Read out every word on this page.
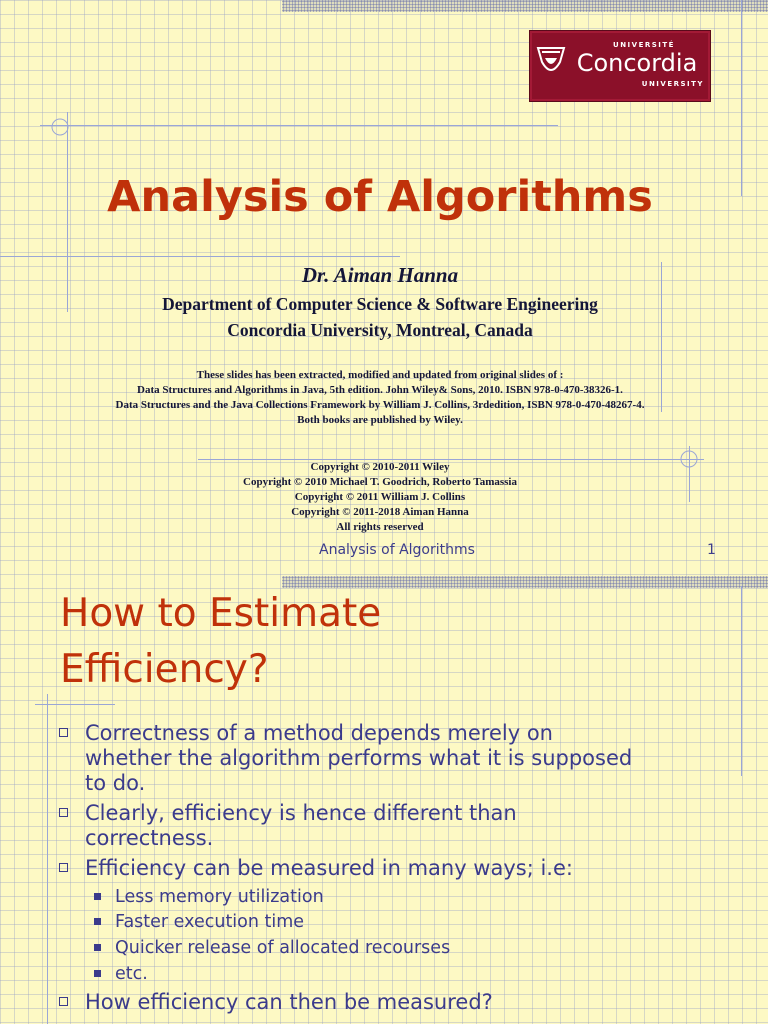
UNIVERSITÉ
Concordia
UNIVERSITY
Analysis of Algorithms
Dr. Aiman Hanna
Department of Computer Science & Software Engineering
Concordia University, Montreal, Canada
These slides has been extracted, modified and updated from original slides of :
Data Structures and Algorithms in Java, 5th edition. John Wiley& Sons, 2010. ISBN 978-0-470-38326-1.
Data Structures and the Java Collections Framework by William J. Collins, 3rdedition, ISBN 978-0-470-48267-4.
Both books are published by Wiley.
Copyright © 2010-2011 Wiley
Copyright © 2010 Michael T. Goodrich, Roberto Tamassia
Copyright © 2011 William J. Collins
Copyright © 2011-2018 Aiman Hanna
All rights reserved
Analysis of Algorithms	1
How to Estimate
Efficiency?
Correctness of a method depends merely on
whether the algorithm performs what it is supposed
to do.
Clearly, efficiency is hence different than
correctness.
Efficiency can be measured in many ways; i.e:
Less memory utilization
Faster execution time
Quicker release of allocated recourses
etc.
How efficiency can then be measured?
